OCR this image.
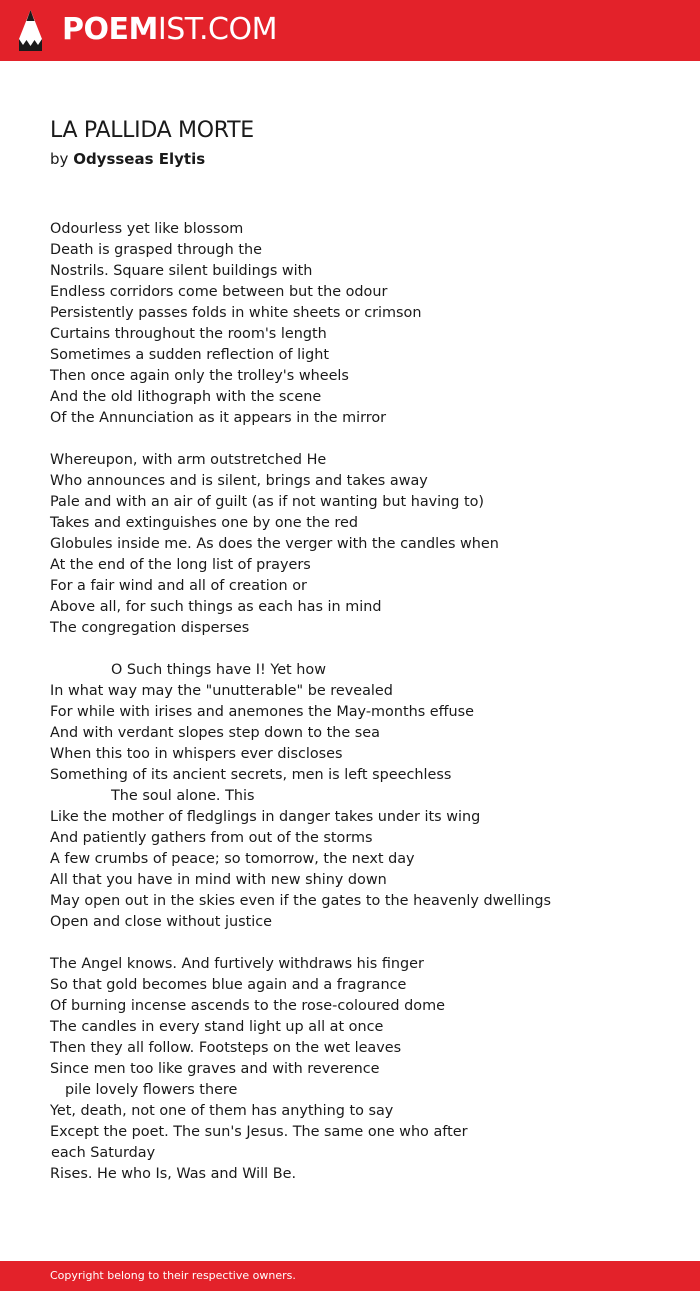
POEMIST.COM
LA PALLIDA MORTE
by Odysseas Elytis
Odourless yet like blossom
Death is grasped through the
Nostrils. Square silent buildings with
Endless corridors come between but the odour
Persistently passes folds in white sheets or crimson
Curtains throughout the room's length
Sometimes a sudden reflection of light
Then once again only the trolley's wheels
And the old lithograph with the scene
Of the Annunciation as it appears in the mirror
Whereupon, with arm outstretched He
Who announces and is silent, brings and takes away
Pale and with an air of guilt (as if not wanting but having to)
Takes and extinguishes one by one the red
Globules inside me. As does the verger with the candles when
At the end of the long list of prayers
For a fair wind and all of creation or
Above all, for such things as each has in mind
The congregation disperses
O Such things have I! Yet how
In what way may the "unutterable" be revealed
For while with irises and anemones the May-months effuse
And with verdant slopes step down to the sea
When this too in whispers ever discloses
Something of its ancient secrets, men is left speechless
The soul alone. This
Like the mother of fledglings in danger takes under its wing
And patiently gathers from out of the storms
A few crumbs of peace; so tomorrow, the next day
All that you have in mind with new shiny down
May open out in the skies even if the gates to the heavenly dwellings
Open and close without justice
The Angel knows. And furtively withdraws his finger
So that gold becomes blue again and a fragrance
Of burning incense ascends to the rose-coloured dome
The candles in every stand light up all at once
Then they all follow. Footsteps on the wet leaves
Since men too like graves and with reverence
pile lovely flowers there
Yet, death, not one of them has anything to say
Except the poet. The sun's Jesus. The same one who after
each Saturday
Rises. He who Is, Was and Will Be.
Copyright belong to their respective owners.
